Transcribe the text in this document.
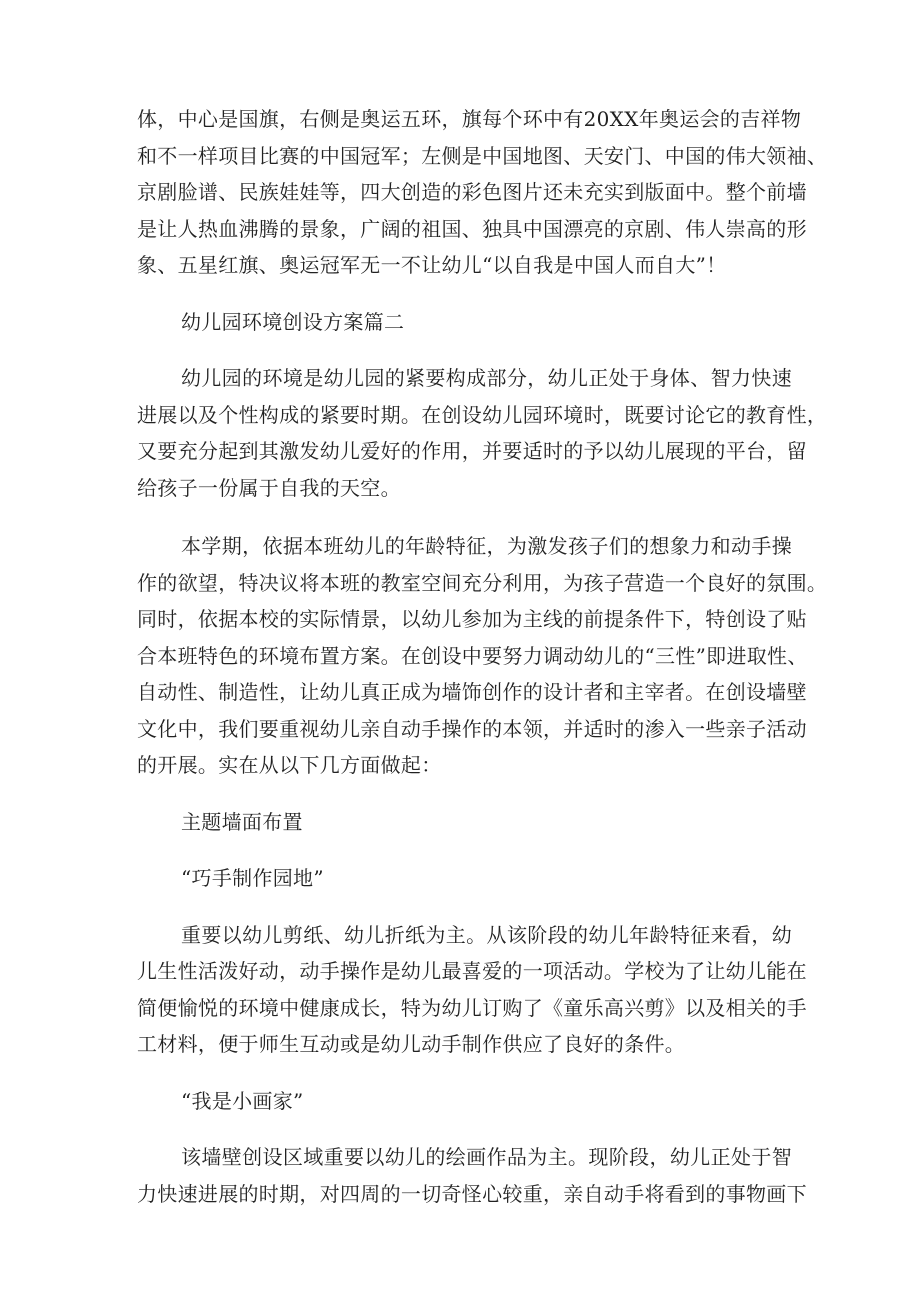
体，中心是国旗，右侧是奥运五环，旗每个环中有20XX年奥运会的吉祥物
和不一样项目比赛的中国冠军；左侧是中国地图、天安门、中国的伟大领袖、
京剧脸谱、民族娃娃等，四大创造的彩色图片还未充实到版面中。整个前墙
是让人热血沸腾的景象，广阔的祖国、独具中国漂亮的京剧、伟人崇高的形
象、五星红旗、奥运冠军无一不让幼儿“以自我是中国人而自大”！

幼儿园环境创设方案篇二

幼儿园的环境是幼儿园的紧要构成部分，幼儿正处于身体、智力快速
进展以及个性构成的紧要时期。在创设幼儿园环境时，既要讨论它的教育性，
又要充分起到其激发幼儿爱好的作用，并要适时的予以幼儿展现的平台，留
给孩子一份属于自我的天空。

本学期，依据本班幼儿的年龄特征，为激发孩子们的想象力和动手操
作的欲望，特决议将本班的教室空间充分利用，为孩子营造一个良好的氛围。
同时，依据本校的实际情景，以幼儿参加为主线的前提条件下，特创设了贴
合本班特色的环境布置方案。在创设中要努力调动幼儿的“三性”即进取性、
自动性、制造性，让幼儿真正成为墙饰创作的设计者和主宰者。在创设墙壁
文化中，我们要重视幼儿亲自动手操作的本领，并适时的渗入一些亲子活动
的开展。实在从以下几方面做起：

主题墙面布置

“巧手制作园地”

重要以幼儿剪纸、幼儿折纸为主。从该阶段的幼儿年龄特征来看，幼
儿生性活泼好动，动手操作是幼儿最喜爱的一项活动。学校为了让幼儿能在
简便愉悦的环境中健康成长，特为幼儿订购了《童乐高兴剪》以及相关的手
工材料，便于师生互动或是幼儿动手制作供应了良好的条件。

“我是小画家”

该墙壁创设区域重要以幼儿的绘画作品为主。现阶段，幼儿正处于智
力快速进展的时期，对四周的一切奇怪心较重，亲自动手将看到的事物画下
